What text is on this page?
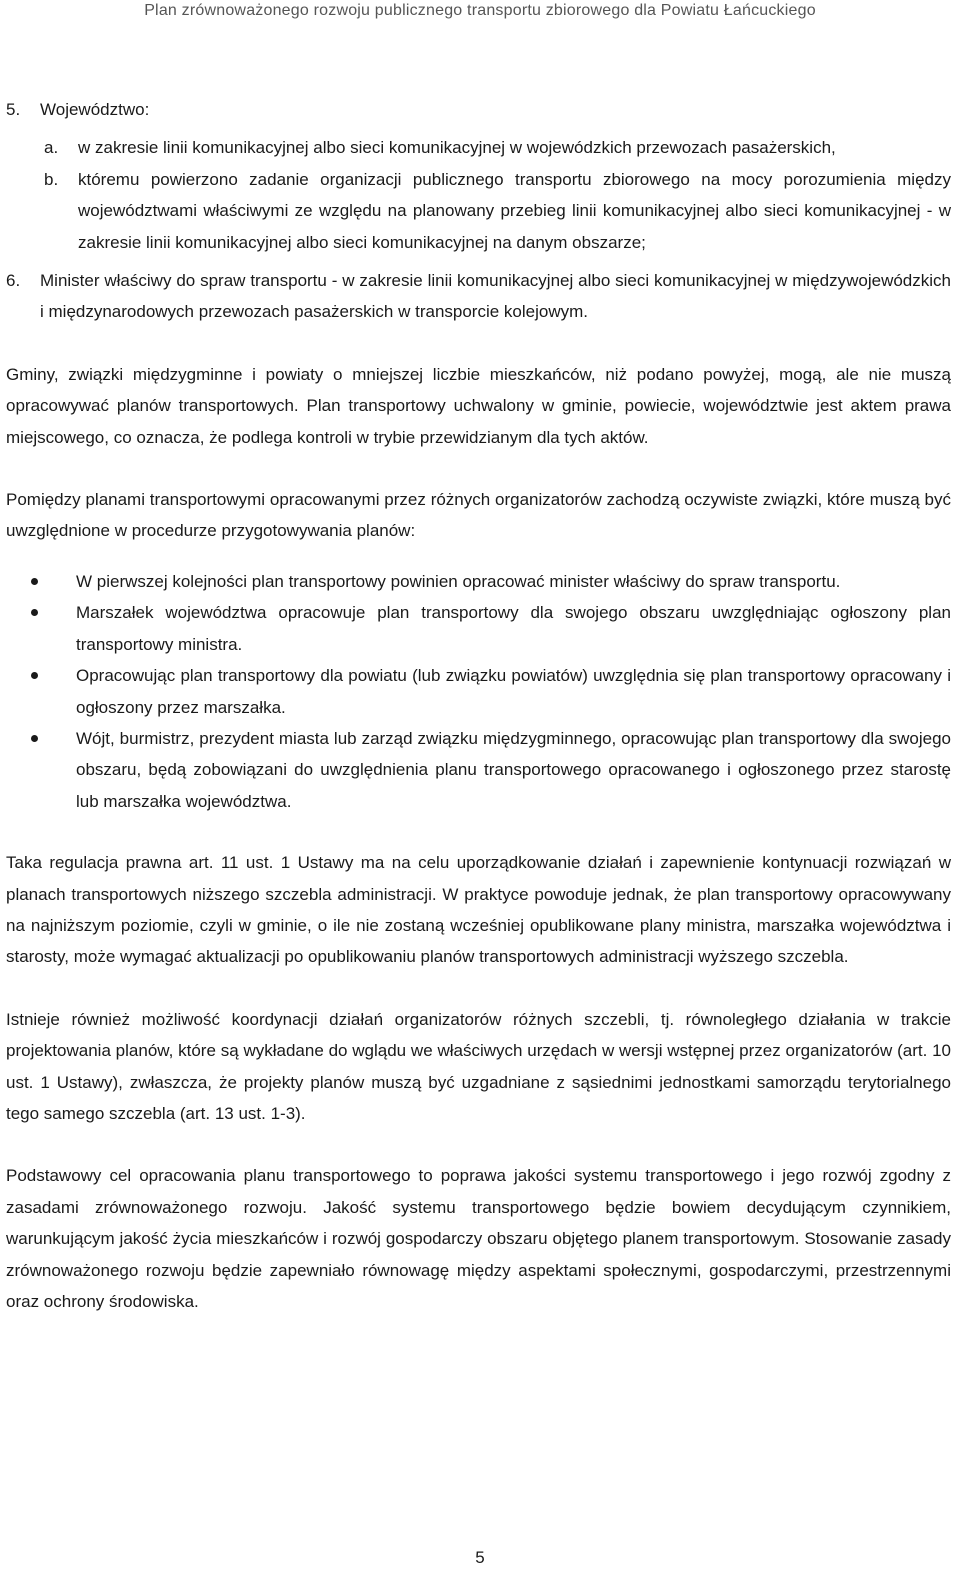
Plan zrównoważonego rozwoju publicznego transportu zbiorowego dla Powiatu Łańcuckiego
5. Województwo:
a. w zakresie linii komunikacyjnej albo sieci komunikacyjnej w wojewódzkich przewozach pasażerskich,
b. któremu powierzono zadanie organizacji publicznego transportu zbiorowego na mocy porozumienia między województwami właściwymi ze względu na planowany przebieg linii komunikacyjnej albo sieci komunikacyjnej - w zakresie linii komunikacyjnej albo sieci komunikacyjnej na danym obszarze;
6. Minister właściwy do spraw transportu - w zakresie linii komunikacyjnej albo sieci komunikacyjnej w międzywojewódzkich i międzynarodowych przewozach pasażerskich w transporcie kolejowym.
Gminy, związki międzygminne i powiaty o mniejszej liczbie mieszkańców, niż podano powyżej, mogą, ale nie muszą opracowywać planów transportowych. Plan transportowy uchwalony w gminie, powiecie, województwie jest aktem prawa miejscowego, co oznacza, że podlega kontroli w trybie przewidzianym dla tych aktów.
Pomiędzy planami transportowymi opracowanymi przez różnych organizatorów zachodzą oczywiste związki, które muszą być uwzględnione w procedurze przygotowywania planów:
W pierwszej kolejności plan transportowy powinien opracować minister właściwy do spraw transportu.
Marszałek województwa opracowuje plan transportowy dla swojego obszaru uwzględniając ogłoszony plan transportowy ministra.
Opracowując plan transportowy dla powiatu (lub związku powiatów) uwzględnia się plan transportowy opracowany i ogłoszony przez marszałka.
Wójt, burmistrz, prezydent miasta lub zarząd związku międzygminnego, opracowując plan transportowy dla swojego obszaru, będą zobowiązani do uwzględnienia planu transportowego opracowanego i ogłoszonego przez starostę lub marszałka województwa.
Taka regulacja prawna art. 11 ust. 1 Ustawy ma na celu uporządkowanie działań i zapewnienie kontynuacji rozwiązań w planach transportowych niższego szczebla administracji. W praktyce powoduje jednak, że plan transportowy opracowywany na najniższym poziomie, czyli w gminie, o ile nie zostaną wcześniej opublikowane plany ministra, marszałka województwa i starosty, może wymagać aktualizacji po opublikowaniu planów transportowych administracji wyższego szczebla.
Istnieje również możliwość koordynacji działań organizatorów różnych szczebli, tj. równoległego działania w trakcie projektowania planów, które są wykładane do wglądu we właściwych urzędach w wersji wstępnej przez organizatorów (art. 10 ust. 1 Ustawy), zwłaszcza, że projekty planów muszą być uzgadniane z sąsiednimi jednostkami samorządu terytorialnego tego samego szczebla (art. 13 ust. 1-3).
Podstawowy cel opracowania planu transportowego to poprawa jakości systemu transportowego i jego rozwój zgodny z zasadami zrównoważonego rozwoju. Jakość systemu transportowego będzie bowiem decydującym czynnikiem, warunkującym jakość życia mieszkańców i rozwój gospodarczy obszaru objętego planem transportowym. Stosowanie zasady zrównoważonego rozwoju będzie zapewniało równowagę między aspektami społecznymi, gospodarczymi, przestrzennymi oraz ochrony środowiska.
5
